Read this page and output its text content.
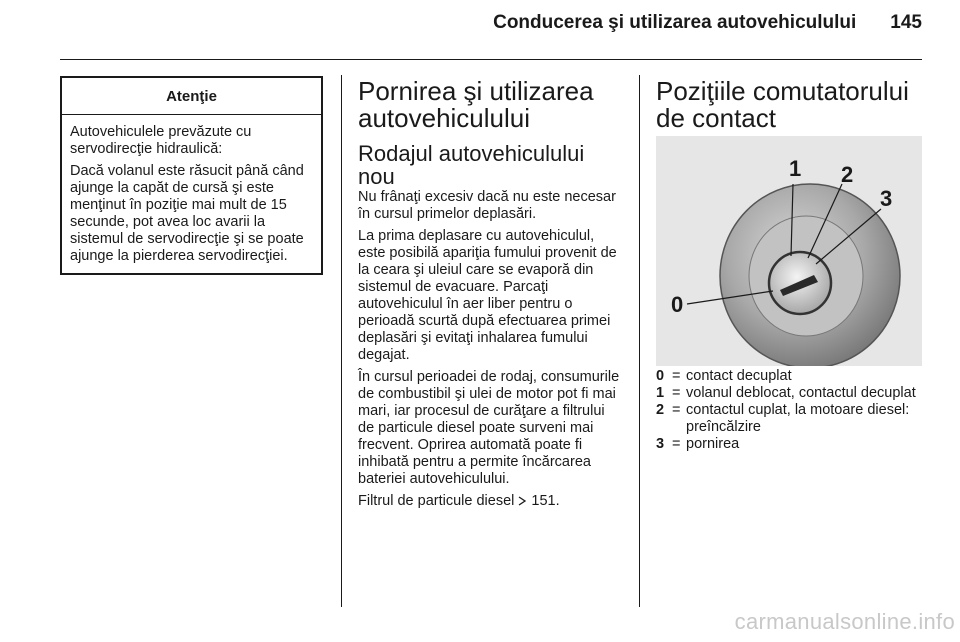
Conducerea şi utilizarea autovehiculului 145
Atenţie

Autovehiculele prevăzute cu servodirecţie hidraulică:

Dacă volanul este răsucit până când ajunge la capăt de cursă şi este menţinut în poziţie mai mult de 15 secunde, pot avea loc avarii la sistemul de servodirecţie şi se poate ajunge la pierderea servodirecţiei.

Pornirea şi utilizarea autovehiculului
Rodajul autovehiculului nou

Nu frânaţi excesiv dacă nu este necesar în cursul primelor deplasări.

La prima deplasare cu autovehiculul, este posibilă apariţia fumului provenit de la ceara şi uleiul care se evaporă din sistemul de evacuare. Parcaţi autovehiculul în aer liber pentru o perioadă scurtă după efectuarea primei deplasări şi evitaţi inhalarea fumului degajat.

În cursul perioadei de rodaj, consumurile de combustibil şi ulei de motor pot fi mai mari, iar procesul de curăţare a filtrului de particule diesel poate surveni mai frecvent. Oprirea automată poate fi inhibată pentru a permite încărcarea bateriei autovehiculului.

Filtrul de particule diesel 151.

Poziţiile comutatorului de contact
1 2
3
0
0 = contact decuplat
1 = volanul deblocat, contactul decuplat
2 = contactul cuplat, la motoare diesel: preîncălzire
3 = pornirea
carmanualsonline.info
